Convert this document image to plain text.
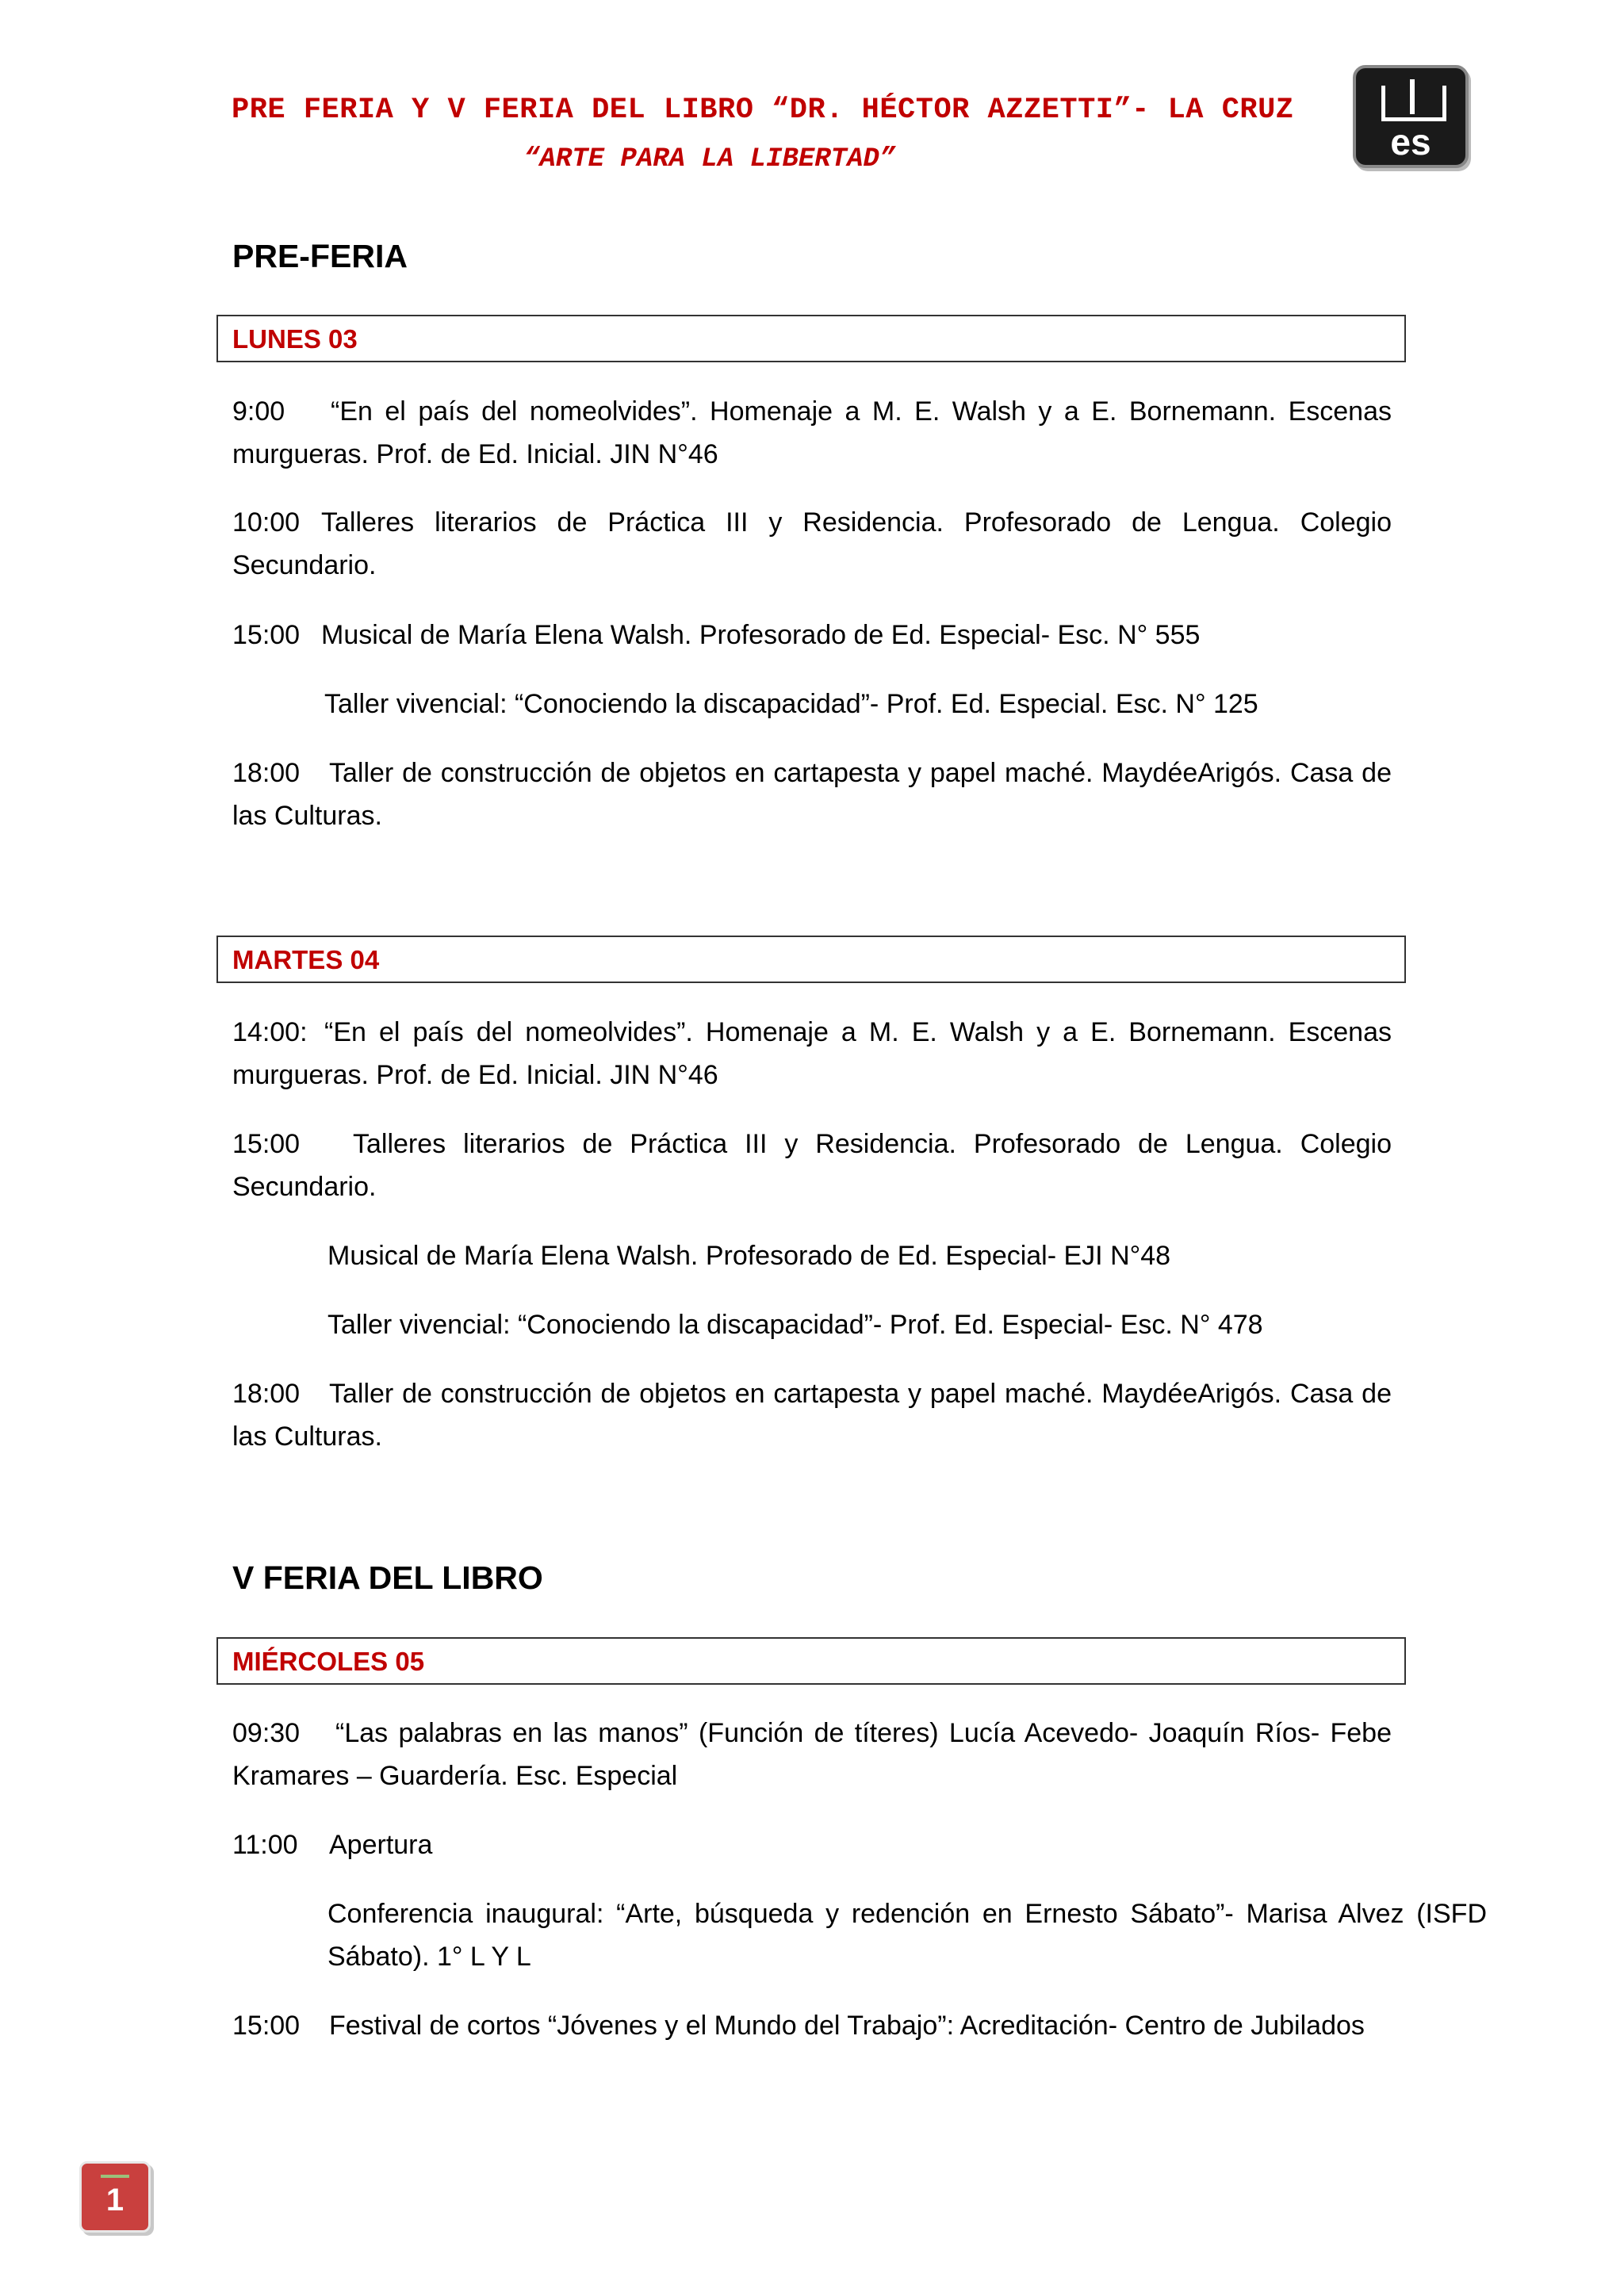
PRE FERIA Y V FERIA DEL LIBRO “DR. HÉCTOR AZZETTI”- LA CRUZ
“ARTE PARA LA LIBERTAD”	es
PRE-FERIA
LUNES 03
9:00 “En el país del nomeolvides”. Homenaje a M. E. Walsh y a E. Bornemann. Escenas murgueras. Prof. de Ed. Inicial. JIN N°46
10:00 Talleres literarios de Práctica III y Residencia. Profesorado de Lengua. Colegio Secundario.
15:00 Musical de María Elena Walsh. Profesorado de Ed. Especial- Esc. N° 555
Taller vivencial: “Conociendo la discapacidad”- Prof. Ed. Especial. Esc. N° 125
18:00 Taller de construcción de objetos en cartapesta y papel maché. MaydéeArigós. Casa de las Culturas.
MARTES 04
14:00: “En el país del nomeolvides”. Homenaje a M. E. Walsh y a E. Bornemann. Escenas murgueras. Prof. de Ed. Inicial. JIN N°46
15:00 Talleres literarios de Práctica III y Residencia. Profesorado de Lengua. Colegio Secundario.
Musical de María Elena Walsh. Profesorado de Ed. Especial- EJI N°48
Taller vivencial: “Conociendo la discapacidad”- Prof. Ed. Especial- Esc. N° 478
18:00 Taller de construcción de objetos en cartapesta y papel maché. MaydéeArigós. Casa de las Culturas.
V FERIA DEL LIBRO
MIÉRCOLES 05
09:30 “Las palabras en las manos” (Función de títeres) Lucía Acevedo- Joaquín Ríos- Febe Kramares – Guardería. Esc. Especial
11:00 Apertura
Conferencia inaugural: “Arte, búsqueda y redención en Ernesto Sábato”- Marisa Alvez (ISFD Sábato). 1° L Y L
15:00 Festival de cortos “Jóvenes y el Mundo del Trabajo”: Acreditación- Centro de Jubilados
1
